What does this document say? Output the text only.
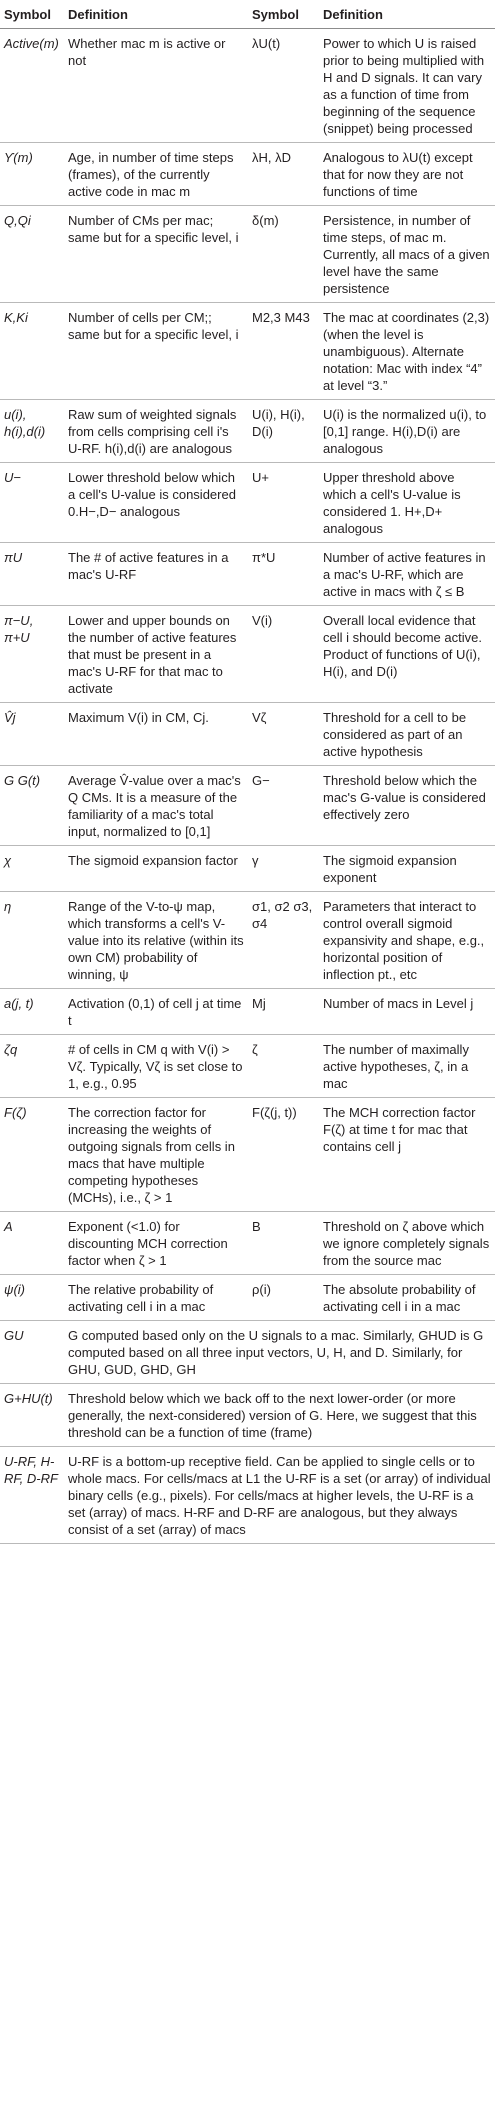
Symbol	Definition	Symbol	Definition
Active(m)	Whether mac m is active or not	λU(t)	Power to which U is raised prior to being multiplied with H and D signals. It can vary as a function of time from beginning of the sequence (snippet) being processed
ϒ(m)	Age, in number of time steps (frames), of the currently active code in mac m	λH, λD	Analogous to λU(t) except that for now they are not functions of time
Q,Qi	Number of CMs per mac; same but for a specific level, i	δ(m)	Persistence, in number of time steps, of mac m. Currently, all macs of a given level have the same persistence
K,Ki	Number of cells per CM;; same but for a specific level, i	M2,3 M43	The mac at coordinates (2,3) (when the level is unambiguous). Alternate notation: Mac with index “4” at level “3.”
u(i), h(i),d(i)	Raw sum of weighted signals from cells comprising cell i's U-RF. h(i),d(i) are analogous	U(i), H(i), D(i)	U(i) is the normalized u(i), to [0,1] range. H(i),D(i) are analogous
U−	Lower threshold below which a cell's U-value is considered 0.H−,D− analogous	U+	Upper threshold above which a cell's U-value is considered 1. H+,D+ analogous
πU	The # of active features in a mac's U-RF	π*U	Number of active features in a mac's U-RF, which are active in macs with ζ ≤ B
π−U, π+U	Lower and upper bounds on the number of active features that must be present in a mac's U-RF for that mac to activate	V(i)	Overall local evidence that cell i should become active. Product of functions of U(i), H(i), and D(i)
V̂j	Maximum V(i) in CM, Cj.	Vζ	Threshold for a cell to be considered as part of an active hypothesis
G G(t)	Average V̂-value over a mac's Q CMs. It is a measure of the familiarity of a mac's total input, normalized to [0,1]	G−	Threshold below which the mac's G-value is considered effectively zero
χ	The sigmoid expansion factor	γ	The sigmoid expansion exponent
η	Range of the V-to-ψ map, which transforms a cell's V-value into its relative (within its own CM) probability of winning, ψ	σ1, σ2 σ3, σ4	Parameters that interact to control overall sigmoid expansivity and shape, e.g., horizontal position of inflection pt., etc
a(j, t)	Activation (0,1) of cell j at time t	Mj	Number of macs in Level j
ζq	# of cells in CM q with V(i) > Vζ. Typically, Vζ is set close to 1, e.g., 0.95	ζ	The number of maximally active hypotheses, ζ, in a mac
F(ζ)	The correction factor for increasing the weights of outgoing signals from cells in macs that have multiple competing hypotheses (MCHs), i.e., ζ > 1	F(ζ(j, t))	The MCH correction factor F(ζ) at time t for mac that contains cell j
A	Exponent (<1.0) for discounting MCH correction factor when ζ > 1	B	Threshold on ζ above which we ignore completely signals from the source mac
ψ(i)	The relative probability of activating cell i in a mac	ρ(i)	The absolute probability of activating cell i in a mac
GU	G computed based only on the U signals to a mac. Similarly, GHUD is G computed based on all three input vectors, U, H, and D. Similarly, for GHU, GUD, GHD, GH		
G+HU(t)	Threshold below which we back off to the next lower-order (or more generally, the next-considered) version of G. Here, we suggest that this threshold can be a function of time (frame)		
U-RF, H-RF, D-RF	U-RF is a bottom-up receptive field. Can be applied to single cells or to whole macs. For cells/macs at L1 the U-RF is a set (or array) of individual binary cells (e.g., pixels). For cells/macs at higher levels, the U-RF is a set (array) of macs. H-RF and D-RF are analogous, but they always consist of a set (array) of macs		
